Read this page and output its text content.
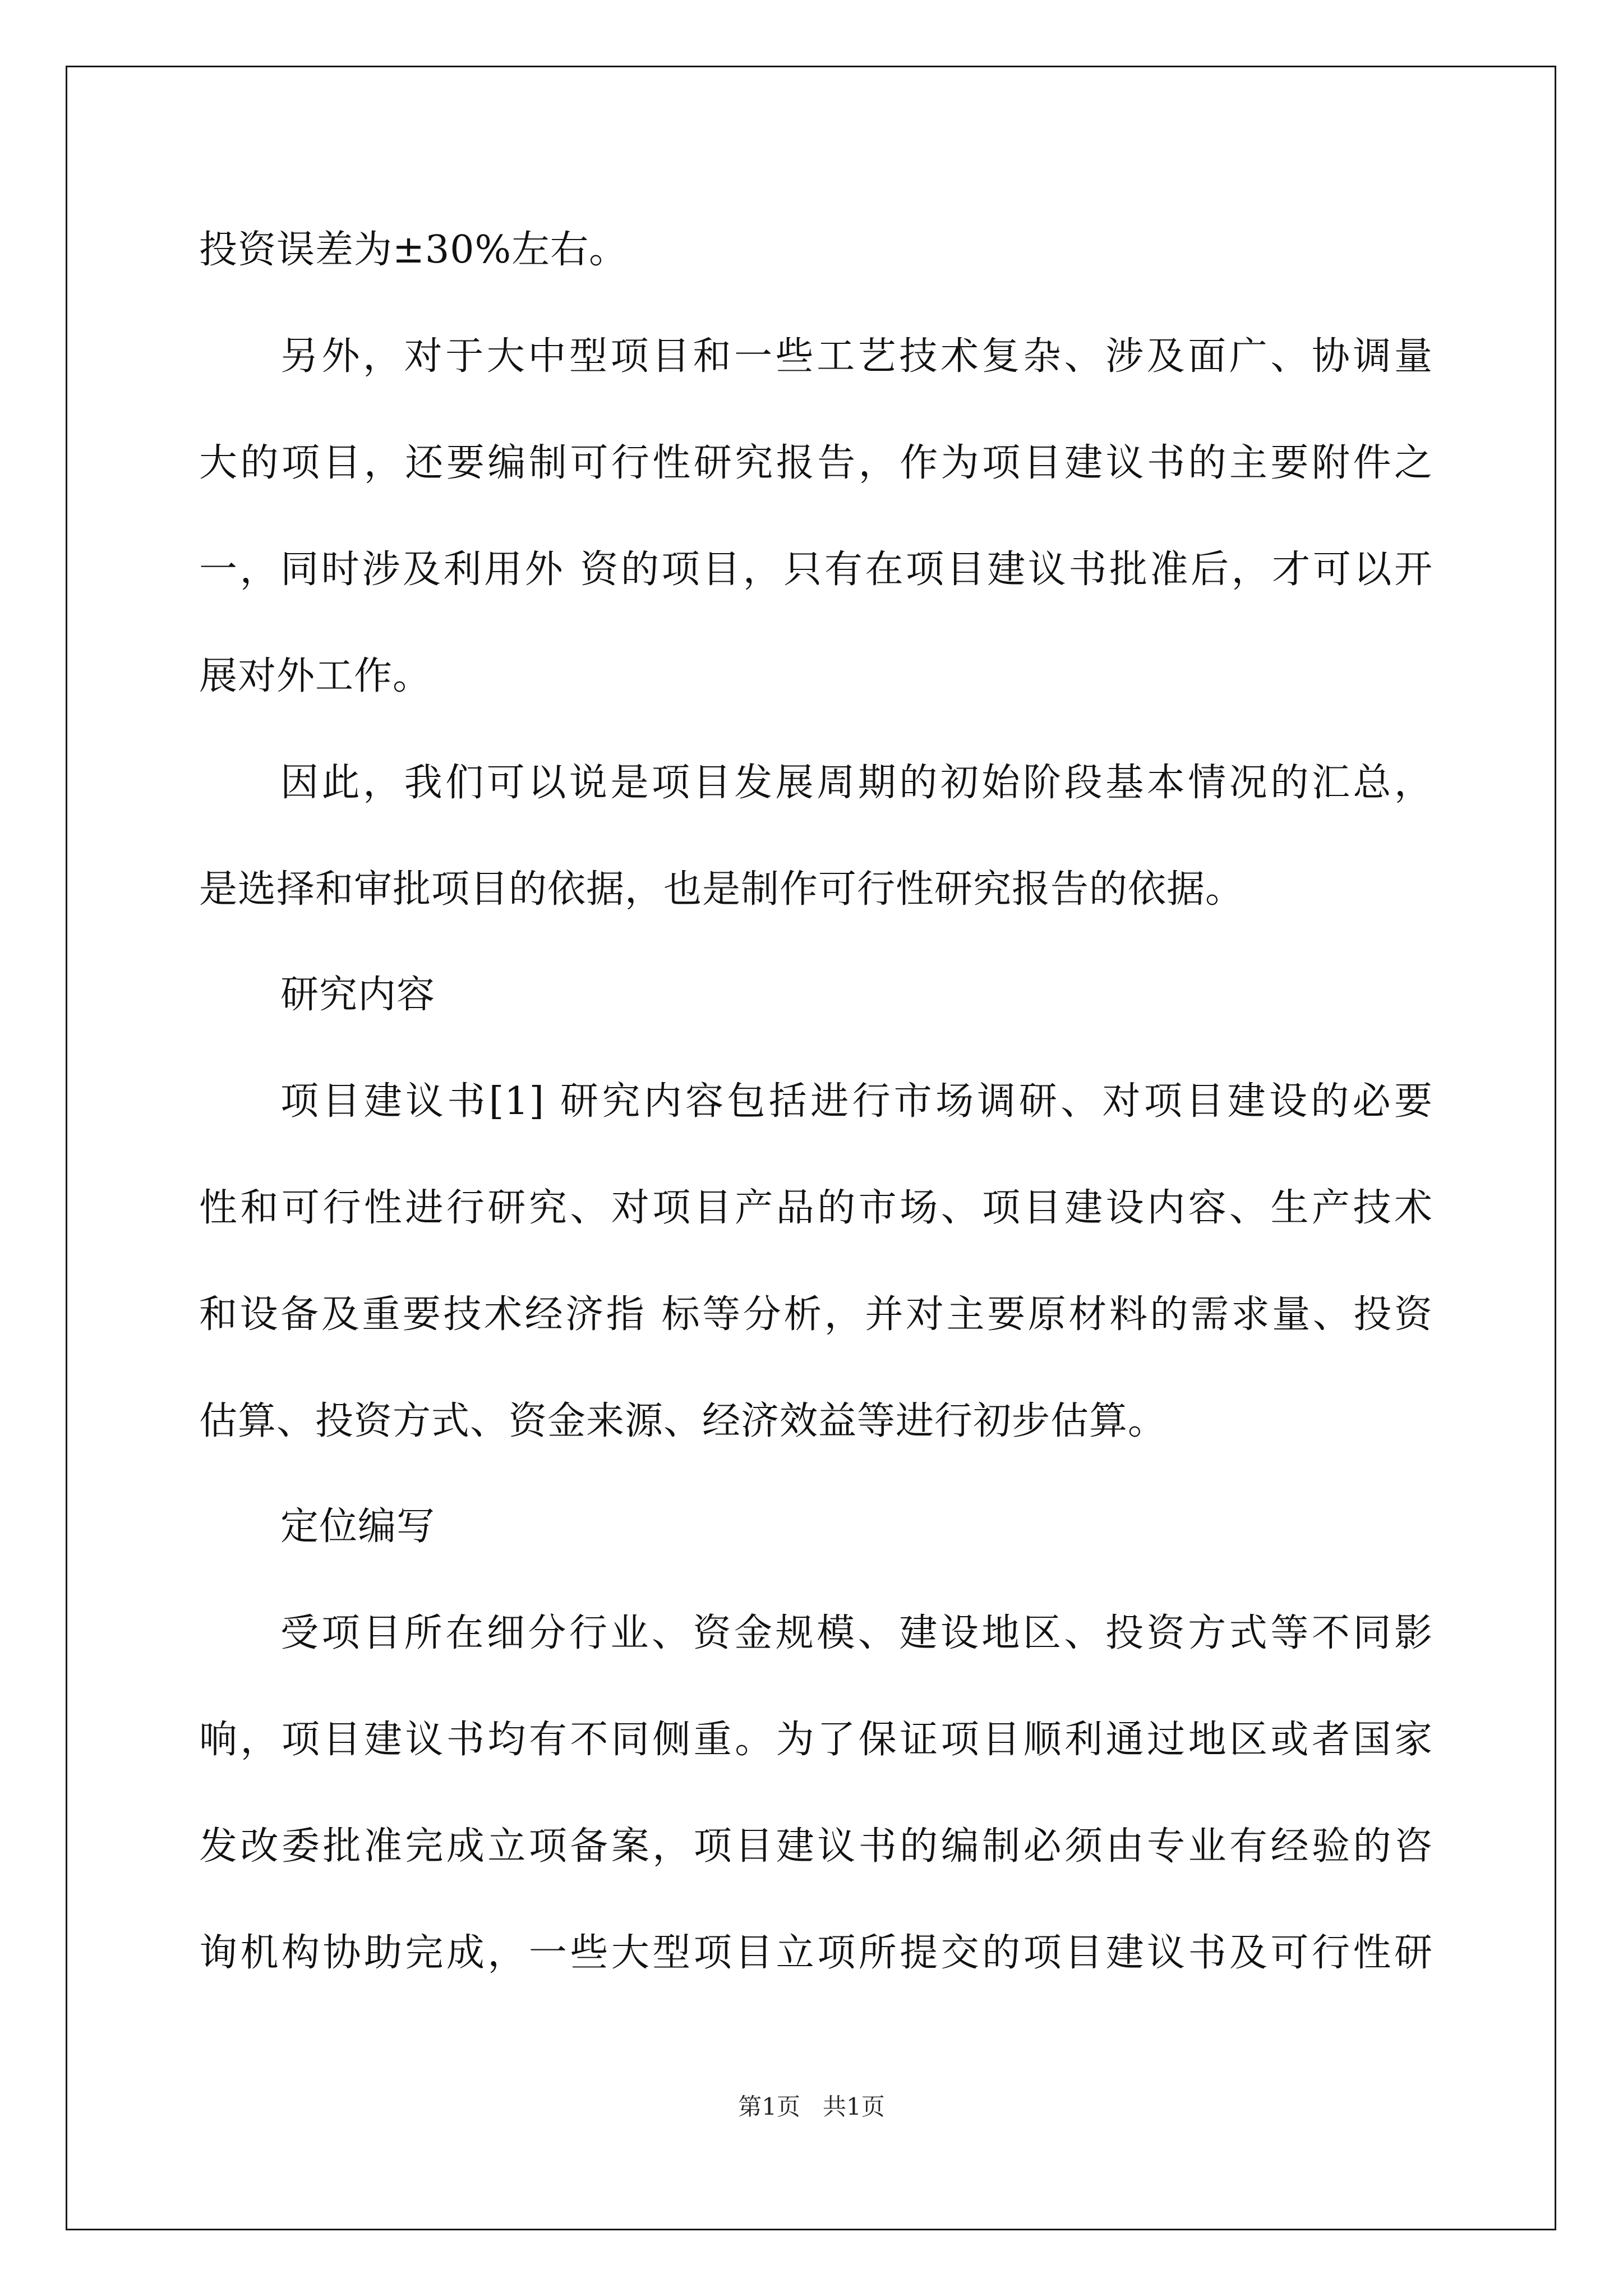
投资误差为±30%左右。
另外，对于大中型项目和一些工艺技术复杂、涉及面广、协调量
大的项目，还要编制可行性研究报告，作为项目建议书的主要附件之
一，同时涉及利用外 资的项目，只有在项目建议书批准后，才可以开
展对外工作。
因此，我们可以说是项目发展周期的初始阶段基本情况的汇总，
是选择和审批项目的依据，也是制作可行性研究报告的依据。
研究内容
项目建议书[1] 研究内容包括进行市场调研、对项目建设的必要
性和可行性进行研究、对项目产品的市场、项目建设内容、生产技术
和设备及重要技术经济指 标等分析，并对主要原材料的需求量、投资
估算、投资方式、资金来源、经济效益等进行初步估算。
定位编写
受项目所在细分行业、资金规模、建设地区、投资方式等不同影
响，项目建议书均有不同侧重。为了保证项目顺利通过地区或者国家
发改委批准完成立项备案，项目建议书的编制必须由专业有经验的咨
询机构协助完成，一些大型项目立项所提交的项目建议书及可行性研
第1页   共1页
